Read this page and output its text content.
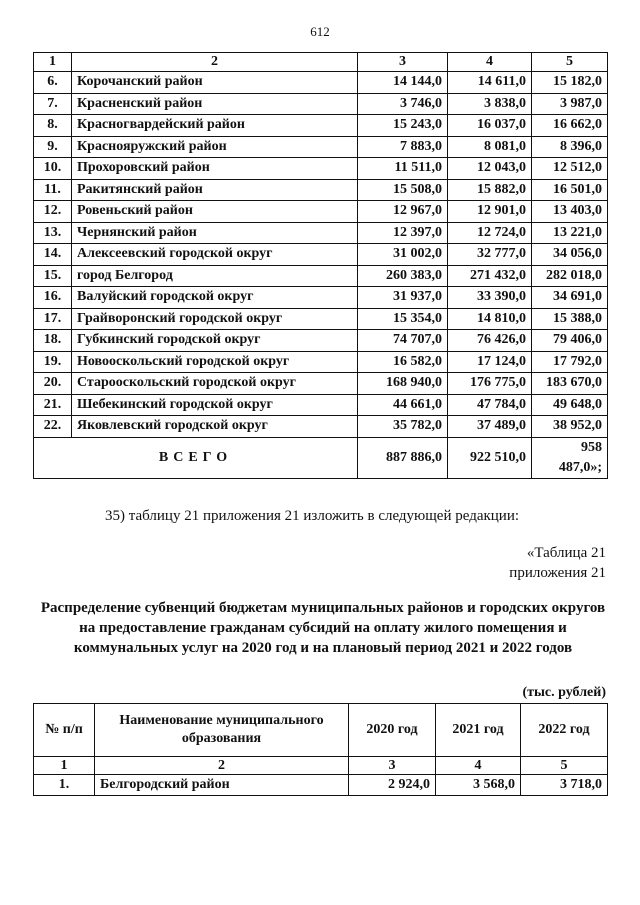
612
1	2	3	4	5
6.	Корочанский район	14 144,0	14 611,0	15 182,0
7.	Красненский район	3 746,0	3 838,0	3 987,0
8.	Красногвардейский район	15 243,0	16 037,0	16 662,0
9.	Краснояружский район	7 883,0	8 081,0	8 396,0
10.	Прохоровский район	11 511,0	12 043,0	12 512,0
11.	Ракитянский район	15 508,0	15 882,0	16 501,0
12.	Ровеньский район	12 967,0	12 901,0	13 403,0
13.	Чернянский район	12 397,0	12 724,0	13 221,0
14.	Алексеевский городской округ	31 002,0	32 777,0	34 056,0
15.	город Белгород	260 383,0	271 432,0	282 018,0
16.	Валуйский городской округ	31 937,0	33 390,0	34 691,0
17.	Грайворонский городской округ	15 354,0	14 810,0	15 388,0
18.	Губкинский городской округ	74 707,0	76 426,0	79 406,0
19.	Новооскольский городской округ	16 582,0	17 124,0	17 792,0
20.	Старооскольский городской округ	168 940,0	176 775,0	183 670,0
21.	Шебекинский городской округ	44 661,0	47 784,0	49 648,0
22.	Яковлевский городской округ	35 782,0	37 489,0	38 952,0
ВСЕГО		887 886,0	922 510,0	958 487,0»;
35) таблицу 21 приложения 21 изложить в следующей редакции:
«Таблица 21
приложения 21
Распределение субвенций бюджетам муниципальных районов и городских округов на предоставление гражданам субсидий на оплату жилого помещения и коммунальных услуг на 2020 год и на плановый период 2021 и 2022 годов
(тыс. рублей)
№ п/п	Наименование муниципального образования	2020 год	2021 год	2022 год
1	2	3	4	5
1.	Белгородский район	2 924,0	3 568,0	3 718,0
